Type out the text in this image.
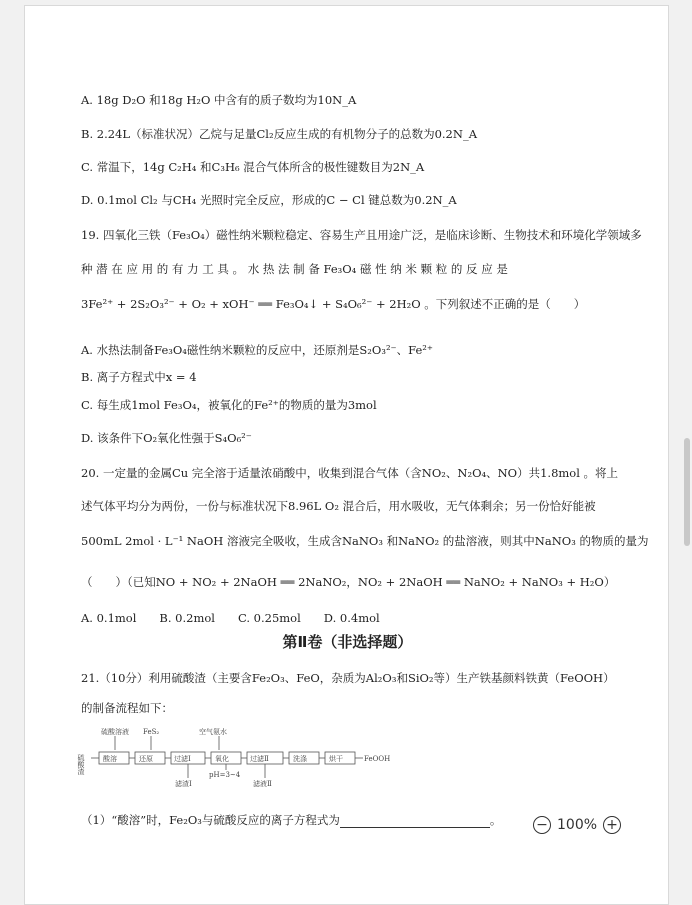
A. 18g D₂O 和18g H₂O 中含有的质子数均为10N_A
B. 2.24L（标准状况）乙烷与足量Cl₂反应生成的有机物分子的总数为0.2N_A
C. 常温下，14g C₂H₄ 和C₃H₆ 混合气体所含的极性键数目为2N_A
D. 0.1mol Cl₂ 与CH₄ 光照时完全反应，形成的C − Cl 键总数为0.2N_A
19. 四氧化三铁（Fe₃O₄）磁性纳米颗粒稳定、容易生产且用途广泛，是临床诊断、生物技术和环境化学领域多
种 潜 在 应 用 的 有 力 工 具 。 水 热 法 制 备 Fe₃O₄ 磁 性 纳 米 颗 粒 的 反 应 是
3Fe²⁺ + 2S₂O₃²⁻ + O₂ + xOH⁻ ══ Fe₃O₄↓ + S₄O₆²⁻ + 2H₂O 。下列叙述不正确的是（　　）
A. 水热法制备Fe₃O₄磁性纳米颗粒的反应中，还原剂是S₂O₃²⁻、Fe²⁺
B. 离子方程式中x = 4
C. 每生成1mol Fe₃O₄，被氧化的Fe²⁺的物质的量为3mol
D. 该条件下O₂氧化性强于S₄O₆²⁻
20. 一定量的金属Cu 完全溶于适量浓硝酸中，收集到混合气体（含NO₂、N₂O₄、NO）共1.8mol 。将上
述气体平均分为两份，一份与标准状况下8.96L O₂ 混合后，用水吸收，无气体剩余；另一份恰好能被
500mL 2mol · L⁻¹ NaOH 溶液完全吸收，生成含NaNO₃ 和NaNO₂ 的盐溶液，则其中NaNO₃ 的物质的量为
（　　）（已知NO + NO₂ + 2NaOH ══ 2NaNO₂，NO₂ + 2NaOH ══ NaNO₂ + NaNO₃ + H₂O）
A. 0.1mol　　B. 0.2mol　　C. 0.25mol　　D. 0.4mol
第Ⅱ卷（非选择题）
21.（10分）利用硫酸渣（主要含Fe₂O₃、FeO，杂质为Al₂O₃和SiO₂等）生产铁基颜料铁黄（FeOOH）
的制备流程如下：
硫酸溶液 FeS₂	空气氨水
硫酸渣	酸溶	还原	过滤Ⅰ	氧化	过滤Ⅱ	洗涤	烘干	FeOOH
滤渣Ⅰ
pH=3~4
滤液Ⅱ
（1）“酸溶”时，Fe₂O₃与硫酸反应的离子方程式为	。 − 100% +
